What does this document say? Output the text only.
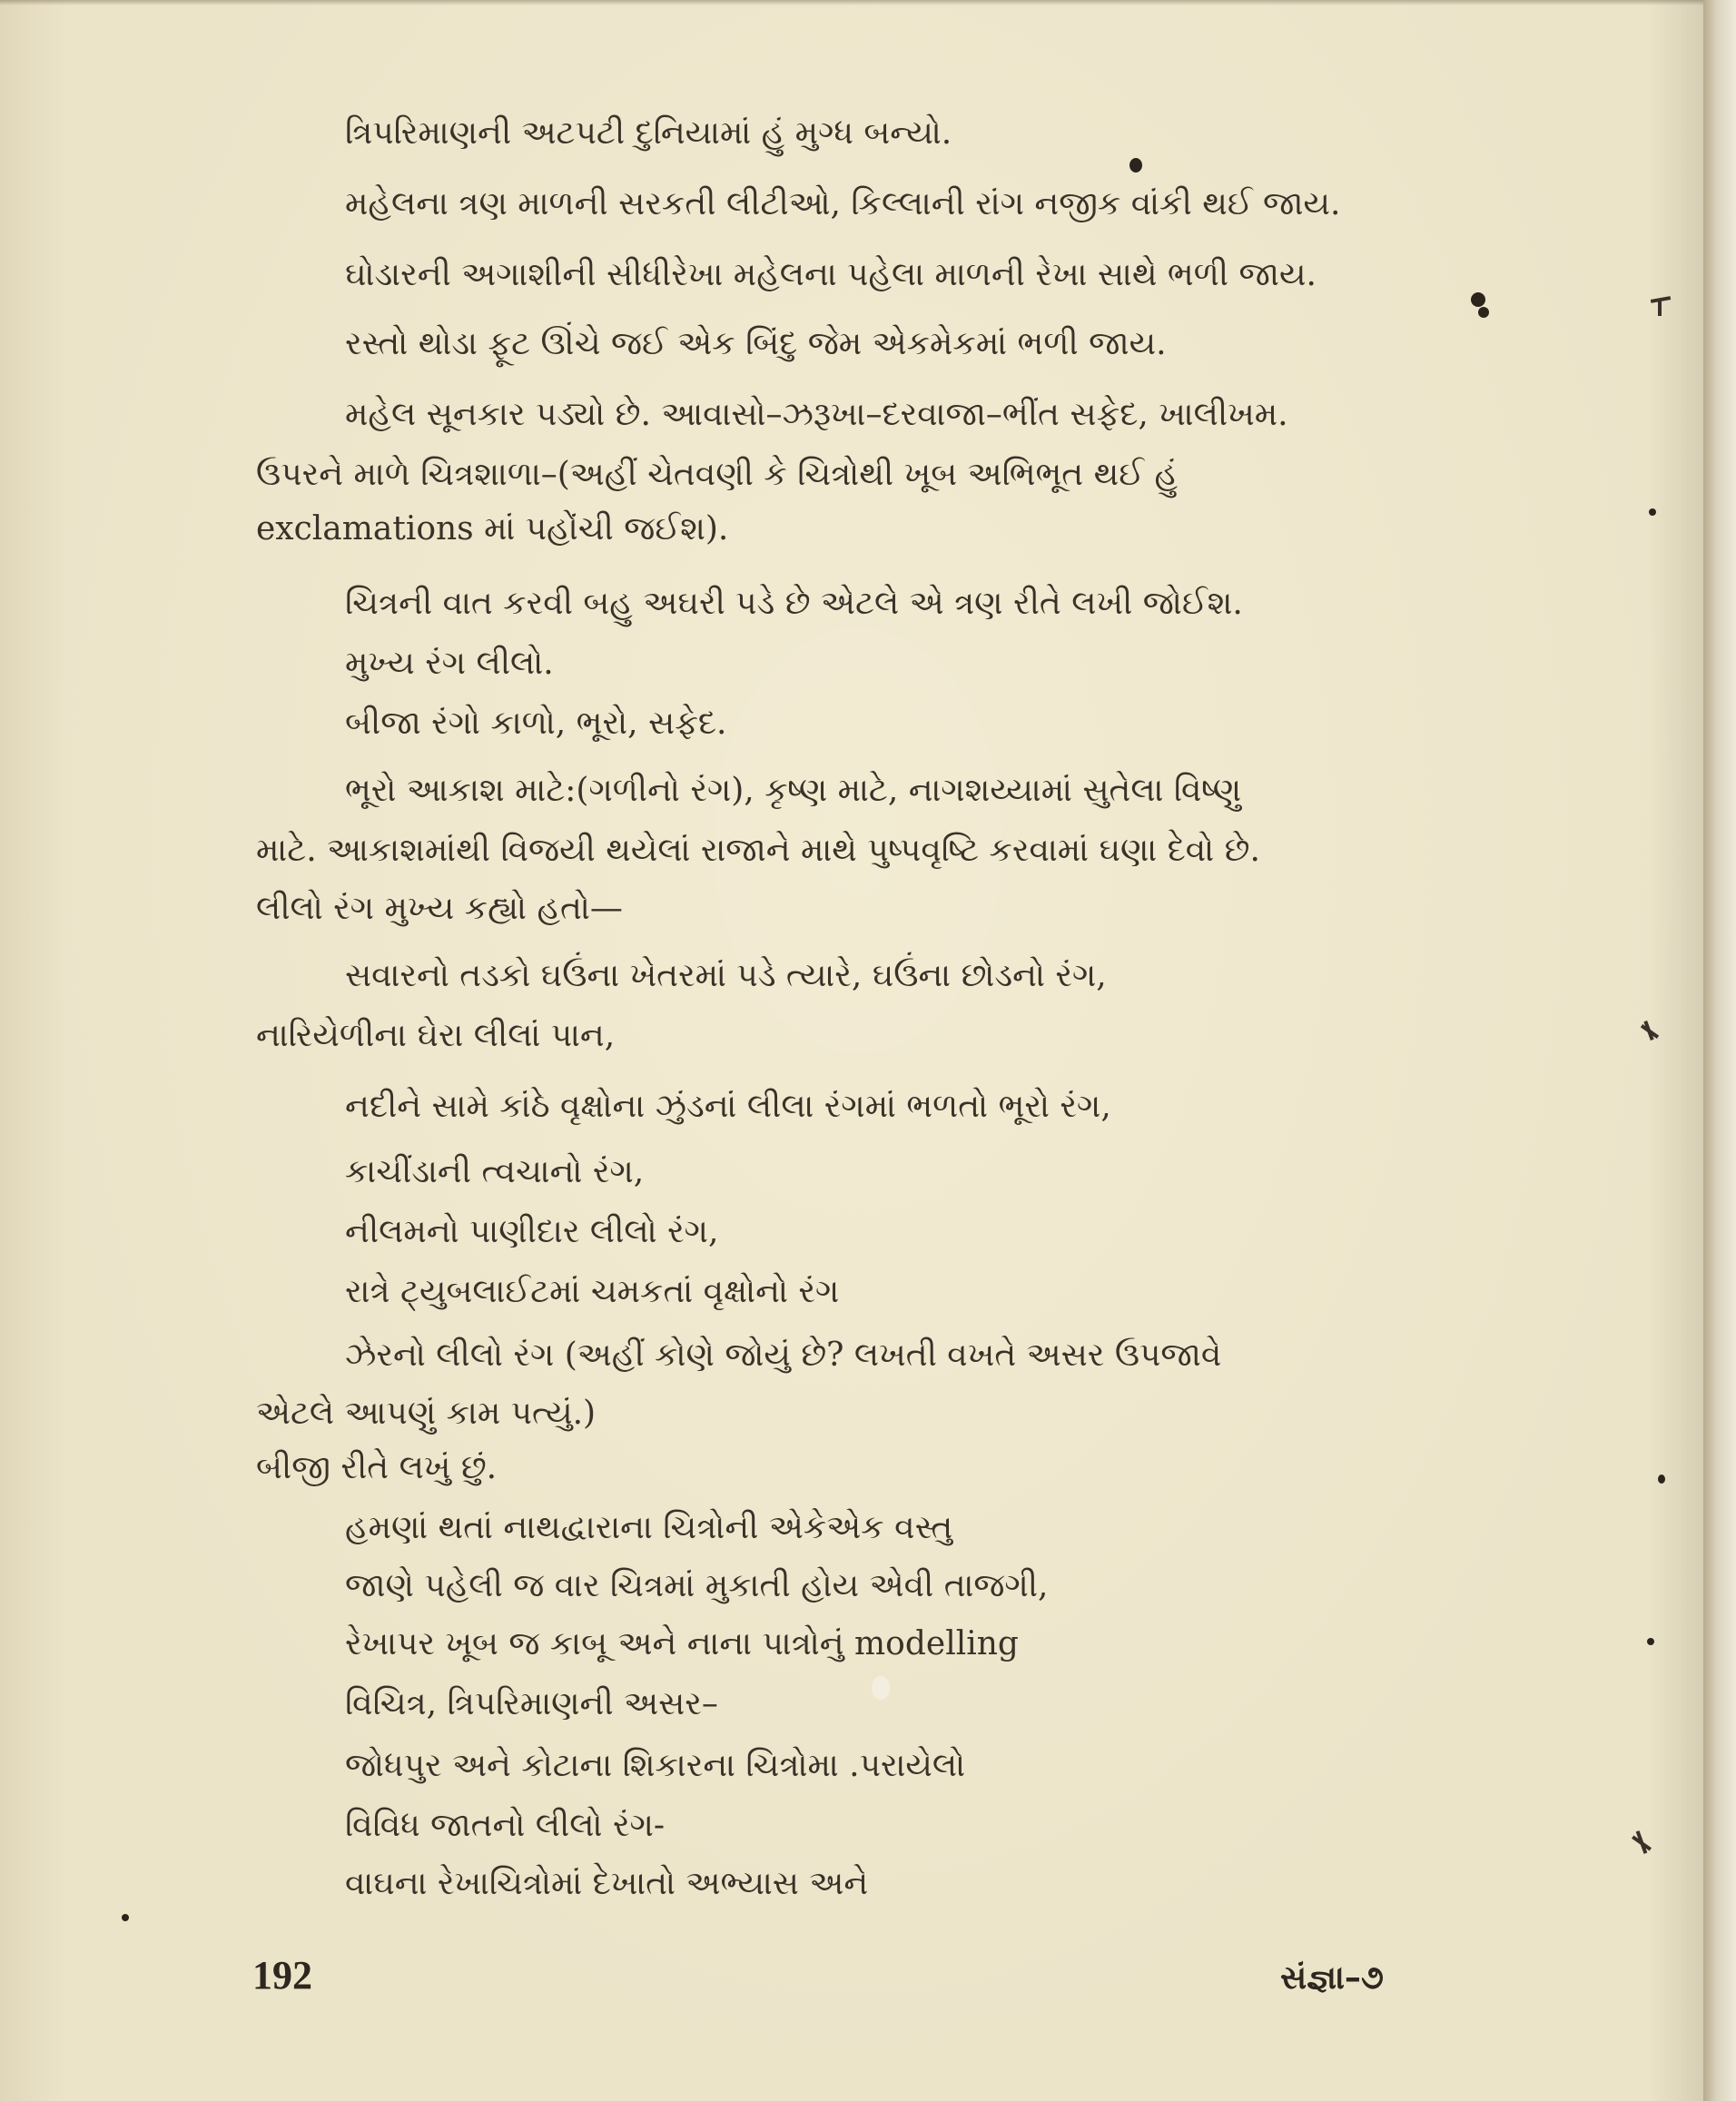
ત્રિપરિમાણની અટપટી દુનિયામાં હું મુગ્ધ બન્યો.
મહેલના ત્રણ માળની સરકતી લીટીઓ, કિલ્લાની રાંગ નજીક વાંકી થઈ જાય.
ઘોડારની અગાશીની સીધીરેખા મહેલના પહેલા માળની રેખા સાથે ભળી જાય.
રસ્તો થોડા ફૂટ ઊંચે જઈ એક બિંદુ જેમ એકમેકમાં ભળી જાય.
મહેલ સૂનકાર પડ્યો છે. આવાસો–ઝરૂખા–દરવાજા–ભીંત સફેદ, ખાલીખમ.
ઉપરને માળે ચિત્રશાળા–(અહીં ચેતવણી કે ચિત્રોથી ખૂબ અભિભૂત થઈ હું
exclamations માં પહોંચી જઈશ).
ચિત્રની વાત કરવી બહુ અઘરી પડે છે એટલે એ ત્રણ રીતે લખી જોઈશ.
મુખ્ય રંગ લીલો.
બીજા રંગો કાળો, ભૂરો, સફેદ.
ભૂરો આકાશ માટે:(ગળીનો રંગ), કૃષ્ણ માટે, નાગશય્યામાં સુતેલા વિષ્ણુ
માટે. આકાશમાંથી વિજયી થયેલાં રાજાને માથે પુષ્પવૃષ્ટિ કરવામાં ઘણા દેવો છે.
લીલો રંગ મુખ્ય કહ્યો હતો—
સવારનો તડકો ઘઉંના ખેતરમાં પડે ત્યારે, ઘઉંના છોડનો રંગ,
નારિયેળીના ઘેરા લીલાં પાન,
નદીને સામે કાંઠે વૃક્ષોના ઝુંડનાં લીલા રંગમાં ભળતો ભૂરો રંગ,
કાચીંડાની ત્વચાનો રંગ,
નીલમનો પાણીદાર લીલો રંગ,
રાત્રે ટ્યુબલાઈટમાં ચમકતાં વૃક્ષોનો રંગ
ઝેરનો લીલો રંગ (અહીં કોણે જોયું છે? લખતી વખતે અસર ઉપજાવે
એટલે આપણું કામ પત્યું.)
બીજી રીતે લખું છું.
હમણાં થતાં નાથદ્વારાના ચિત્રોની એકેએક વસ્તુ
જાણે પહેલી જ વાર ચિત્રમાં મુકાતી હોય એવી તાજગી,
રેખાપર ખૂબ જ કાબૂ અને નાના પાત્રોનું modelling
વિચિત્ર, ત્રિપરિમાણની અસર–
જોધપુર અને કોટાના શિકારના ચિત્રોમા .પરાયેલો
વિવિધ જાતનો લીલો રંગ-
વાઘના રેખાચિત્રોમાં દેખાતો અભ્યાસ અને
192	સંજ્ઞા–૭
